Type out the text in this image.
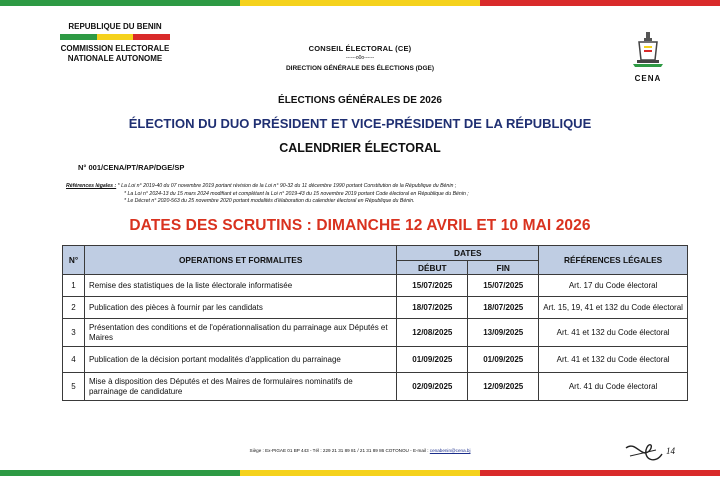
REPUBLIQUE DU BENIN
COMMISSION ELECTORALE
NATIONALE AUTONOME
CONSEIL ÉLECTORAL (CE)
------o0o------
DIRECTION GÉNÉRALE DES ÉLECTIONS (DGE)
CENA
ÉLECTIONS GÉNÉRALES DE 2026
ÉLECTION DU DUO PRÉSIDENT ET VICE-PRÉSIDENT DE LA RÉPUBLIQUE
CALENDRIER ÉLECTORAL
N° 001/CENA/PT/RAP/DGE/SP
Références légales : * La Loi n° 2019-40 du 07 novembre 2019 portant révision de la Loi n° 90-32 du 11 décembre 1990 portant Constitution de la République du Bénin ;
* La Loi n° 2024-13 du 15 mars 2024 modifiant et complétant la Loi n° 2019-43 du 15 novembre 2019 portant Code électoral en République du Bénin ;
* Le Décret n° 2020-563 du 25 novembre 2020 portant modalités d'élaboration du calendrier électoral en République du Bénin.
DATES DES SCRUTINS : DIMANCHE 12 AVRIL ET 10 MAI 2026
N°	OPERATIONS ET FORMALITES	DATES		RÉFÉRENCES LÉGALES
		DÉBUT	FIN	
1	Remise des statistiques de la liste électorale informatisée	15/07/2025	15/07/2025	Art. 17 du Code électoral
2	Publication des pièces à fournir par les candidats	18/07/2025	18/07/2025	Art. 15, 19, 41 et 132 du Code électoral
3	Présentation des conditions et de l'opérationnalisation du parrainage aux Députés et Maires	12/08/2025	13/09/2025	Art. 41 et 132 du Code électoral
4	Publication de la décision portant modalités d'application du parrainage	01/09/2025	01/09/2025	Art. 41 et 132 du Code électoral
5	Mise à disposition des Députés et des Maires de formulaires nominatifs de parrainage de candidature	02/09/2025	12/09/2025	Art. 41 du Code électoral
14
Siège : Ex-PIGAE 01 BP 443 - Tél : 229 21 31 89 81 / 21 31 89 86 COTONOU - E-mail : cenabenin@cena.bj
